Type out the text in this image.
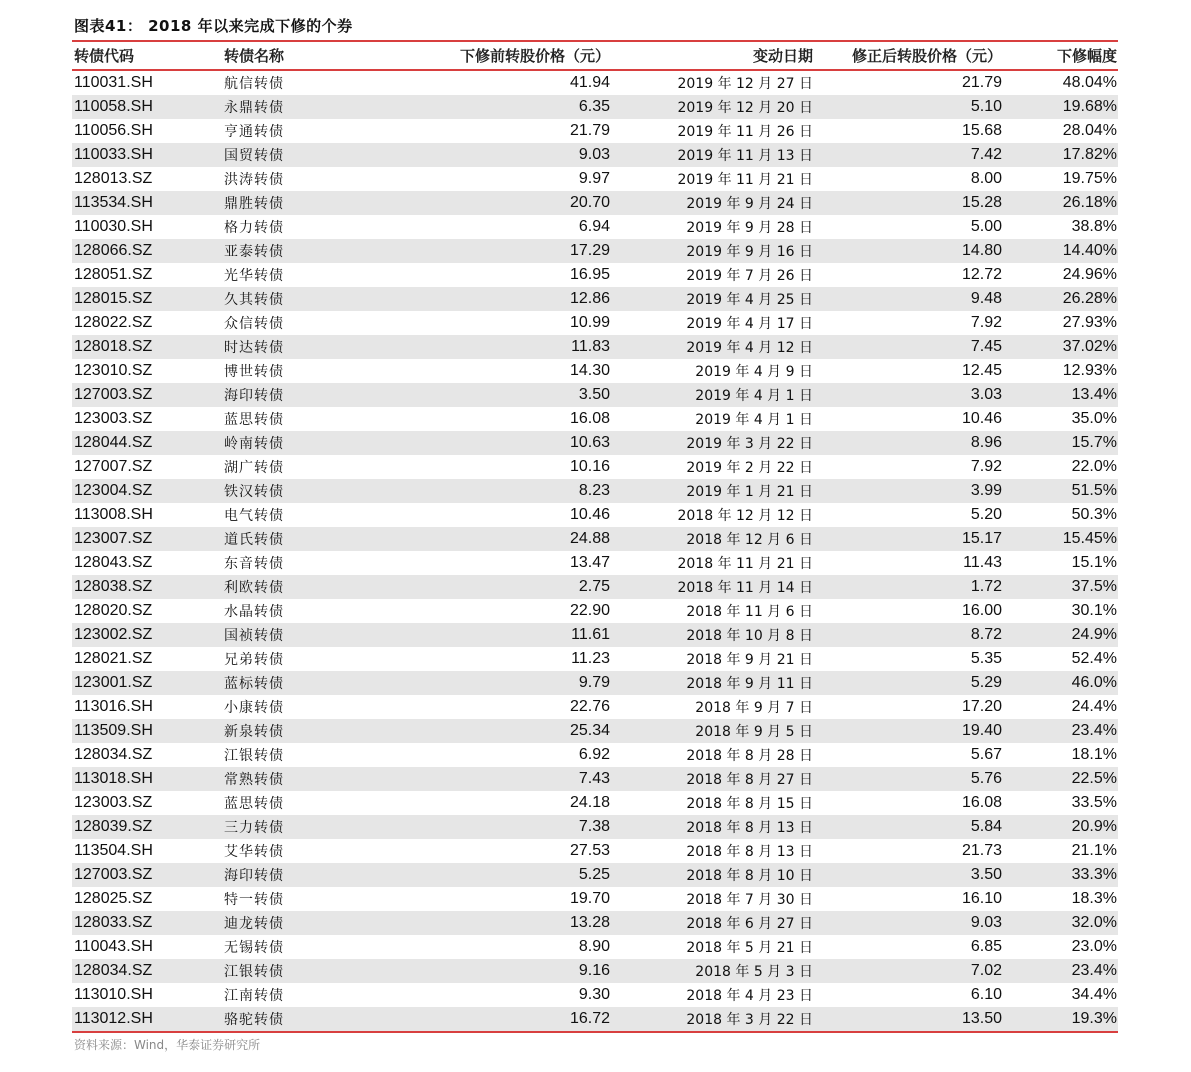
图表41： 2018 年以来完成下修的个券
转债代码	转债名称	下修前转股价格（元）	变动日期	修正后转股价格（元）	下修幅度
110031.SH	航信转债	41.94	2019 年 12 月 27 日	21.79	48.04%
110058.SH	永鼎转债	6.35	2019 年 12 月 20 日	5.10	19.68%
110056.SH	亨通转债	21.79	2019 年 11 月 26 日	15.68	28.04%
110033.SH	国贸转债	9.03	2019 年 11 月 13 日	7.42	17.82%
128013.SZ	洪涛转债	9.97	2019 年 11 月 21 日	8.00	19.75%
113534.SH	鼎胜转债	20.70	2019 年 9 月 24 日	15.28	26.18%
110030.SH	格力转债	6.94	2019 年 9 月 28 日	5.00	38.8%
128066.SZ	亚泰转债	17.29	2019 年 9 月 16 日	14.80	14.40%
128051.SZ	光华转债	16.95	2019 年 7 月 26 日	12.72	24.96%
128015.SZ	久其转债	12.86	2019 年 4 月 25 日	9.48	26.28%
128022.SZ	众信转债	10.99	2019 年 4 月 17 日	7.92	27.93%
128018.SZ	时达转债	11.83	2019 年 4 月 12 日	7.45	37.02%
123010.SZ	博世转债	14.30	2019 年 4 月 9 日	12.45	12.93%
127003.SZ	海印转债	3.50	2019 年 4 月 1 日	3.03	13.4%
123003.SZ	蓝思转债	16.08	2019 年 4 月 1 日	10.46	35.0%
128044.SZ	岭南转债	10.63	2019 年 3 月 22 日	8.96	15.7%
127007.SZ	湖广转债	10.16	2019 年 2 月 22 日	7.92	22.0%
123004.SZ	铁汉转债	8.23	2019 年 1 月 21 日	3.99	51.5%
113008.SH	电气转债	10.46	2018 年 12 月 12 日	5.20	50.3%
123007.SZ	道氏转债	24.88	2018 年 12 月 6 日	15.17	15.45%
128043.SZ	东音转债	13.47	2018 年 11 月 21 日	11.43	15.1%
128038.SZ	利欧转债	2.75	2018 年 11 月 14 日	1.72	37.5%
128020.SZ	水晶转债	22.90	2018 年 11 月 6 日	16.00	30.1%
123002.SZ	国祯转债	11.61	2018 年 10 月 8 日	8.72	24.9%
128021.SZ	兄弟转债	11.23	2018 年 9 月 21 日	5.35	52.4%
123001.SZ	蓝标转债	9.79	2018 年 9 月 11 日	5.29	46.0%
113016.SH	小康转债	22.76	2018 年 9 月 7 日	17.20	24.4%
113509.SH	新泉转债	25.34	2018 年 9 月 5 日	19.40	23.4%
128034.SZ	江银转债	6.92	2018 年 8 月 28 日	5.67	18.1%
113018.SH	常熟转债	7.43	2018 年 8 月 27 日	5.76	22.5%
123003.SZ	蓝思转债	24.18	2018 年 8 月 15 日	16.08	33.5%
128039.SZ	三力转债	7.38	2018 年 8 月 13 日	5.84	20.9%
113504.SH	艾华转债	27.53	2018 年 8 月 13 日	21.73	21.1%
127003.SZ	海印转债	5.25	2018 年 8 月 10 日	3.50	33.3%
128025.SZ	特一转债	19.70	2018 年 7 月 30 日	16.10	18.3%
128033.SZ	迪龙转债	13.28	2018 年 6 月 27 日	9.03	32.0%
110043.SH	无锡转债	8.90	2018 年 5 月 21 日	6.85	23.0%
128034.SZ	江银转债	9.16	2018 年 5 月 3 日	7.02	23.4%
113010.SH	江南转债	9.30	2018 年 4 月 23 日	6.10	34.4%
113012.SH	骆驼转债	16.72	2018 年 3 月 22 日	13.50	19.3%
资料来源：Wind，华泰证券研究所
